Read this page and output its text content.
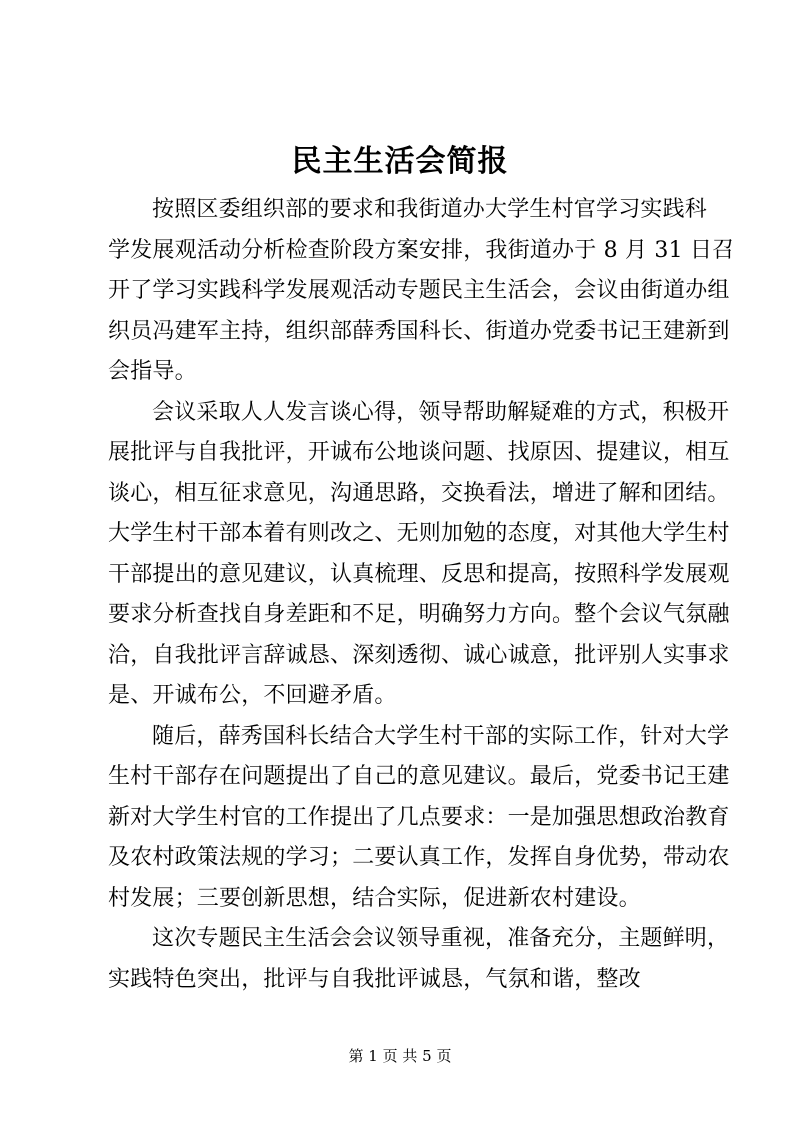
民主生活会简报
按照区委组织部的要求和我街道办大学生村官学习实践科
学发展观活动分析检查阶段方案安排，我街道办于 8 月 31 日召
开了学习实践科学发展观活动专题民主生活会，会议由街道办组
织员冯建军主持，组织部薛秀国科长、街道办党委书记王建新到
会指导。
会议采取人人发言谈心得，领导帮助解疑难的方式，积极开
展批评与自我批评，开诚布公地谈问题、找原因、提建议，相互
谈心，相互征求意见，沟通思路，交换看法，增进了解和团结。
大学生村干部本着有则改之、无则加勉的态度，对其他大学生村
干部提出的意见建议，认真梳理、反思和提高，按照科学发展观
要求分析查找自身差距和不足，明确努力方向。整个会议气氛融
洽，自我批评言辞诚恳、深刻透彻、诚心诚意，批评别人实事求
是、开诚布公，不回避矛盾。
随后，薛秀国科长结合大学生村干部的实际工作，针对大学
生村干部存在问题提出了自己的意见建议。最后，党委书记王建
新对大学生村官的工作提出了几点要求：一是加强思想政治教育
及农村政策法规的学习；二要认真工作，发挥自身优势，带动农
村发展；三要创新思想，结合实际，促进新农村建设。
这次专题民主生活会会议领导重视，准备充分，主题鲜明，
实践特色突出，批评与自我批评诚恳，气氛和谐，整改
第 1 页 共 5 页
